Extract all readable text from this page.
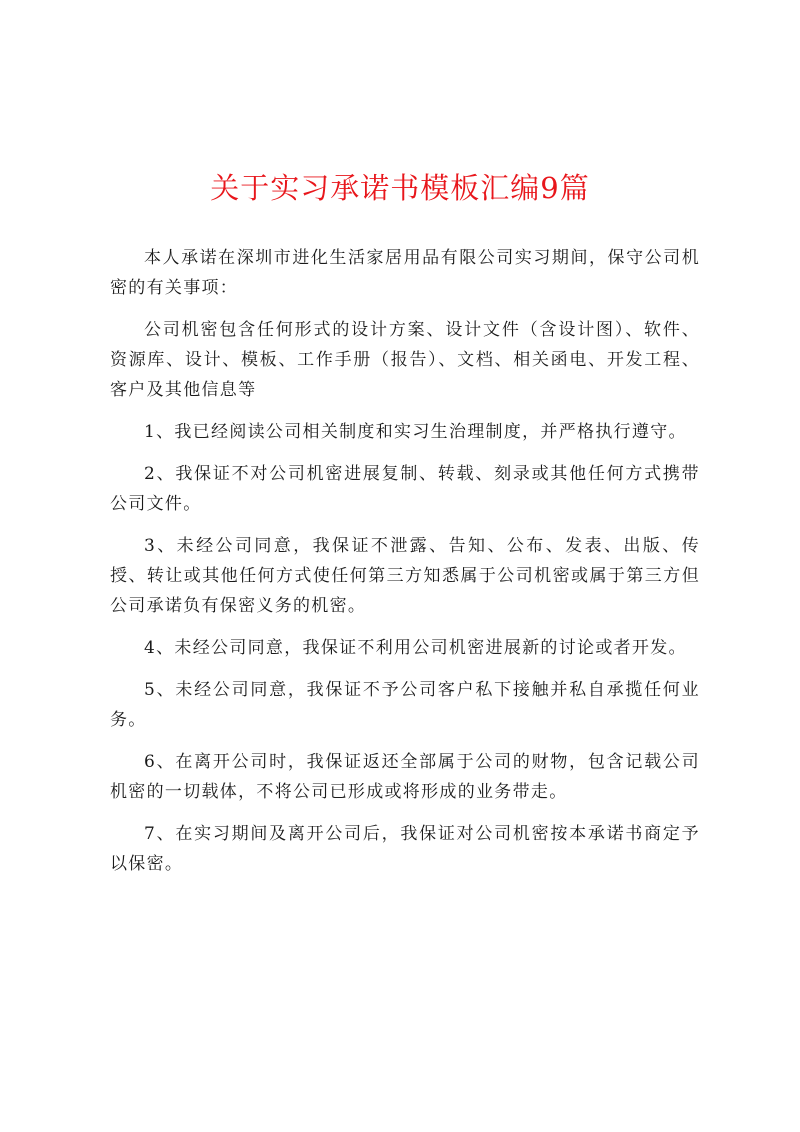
关于实习承诺书模板汇编9篇

本人承诺在深圳市进化生活家居用品有限公司实习期间，保守公司机密的有关事项：

公司机密包含任何形式的设计方案、设计文件（含设计图）、软件、资源库、设计、模板、工作手册（报告）、文档、相关函电、开发工程、客户及其他信息等

1、我已经阅读公司相关制度和实习生治理制度，并严格执行遵守。

2、我保证不对公司机密进展复制、转载、刻录或其他任何方式携带公司文件。

3、未经公司同意，我保证不泄露、告知、公布、发表、出版、传授、转让或其他任何方式使任何第三方知悉属于公司机密或属于第三方但公司承诺负有保密义务的机密。

4、未经公司同意，我保证不利用公司机密进展新的讨论或者开发。

5、未经公司同意，我保证不予公司客户私下接触并私自承揽任何业务。

6、在离开公司时，我保证返还全部属于公司的财物，包含记载公司机密的一切载体，不将公司已形成或将形成的业务带走。

7、在实习期间及离开公司后，我保证对公司机密按本承诺书商定予以保密。
